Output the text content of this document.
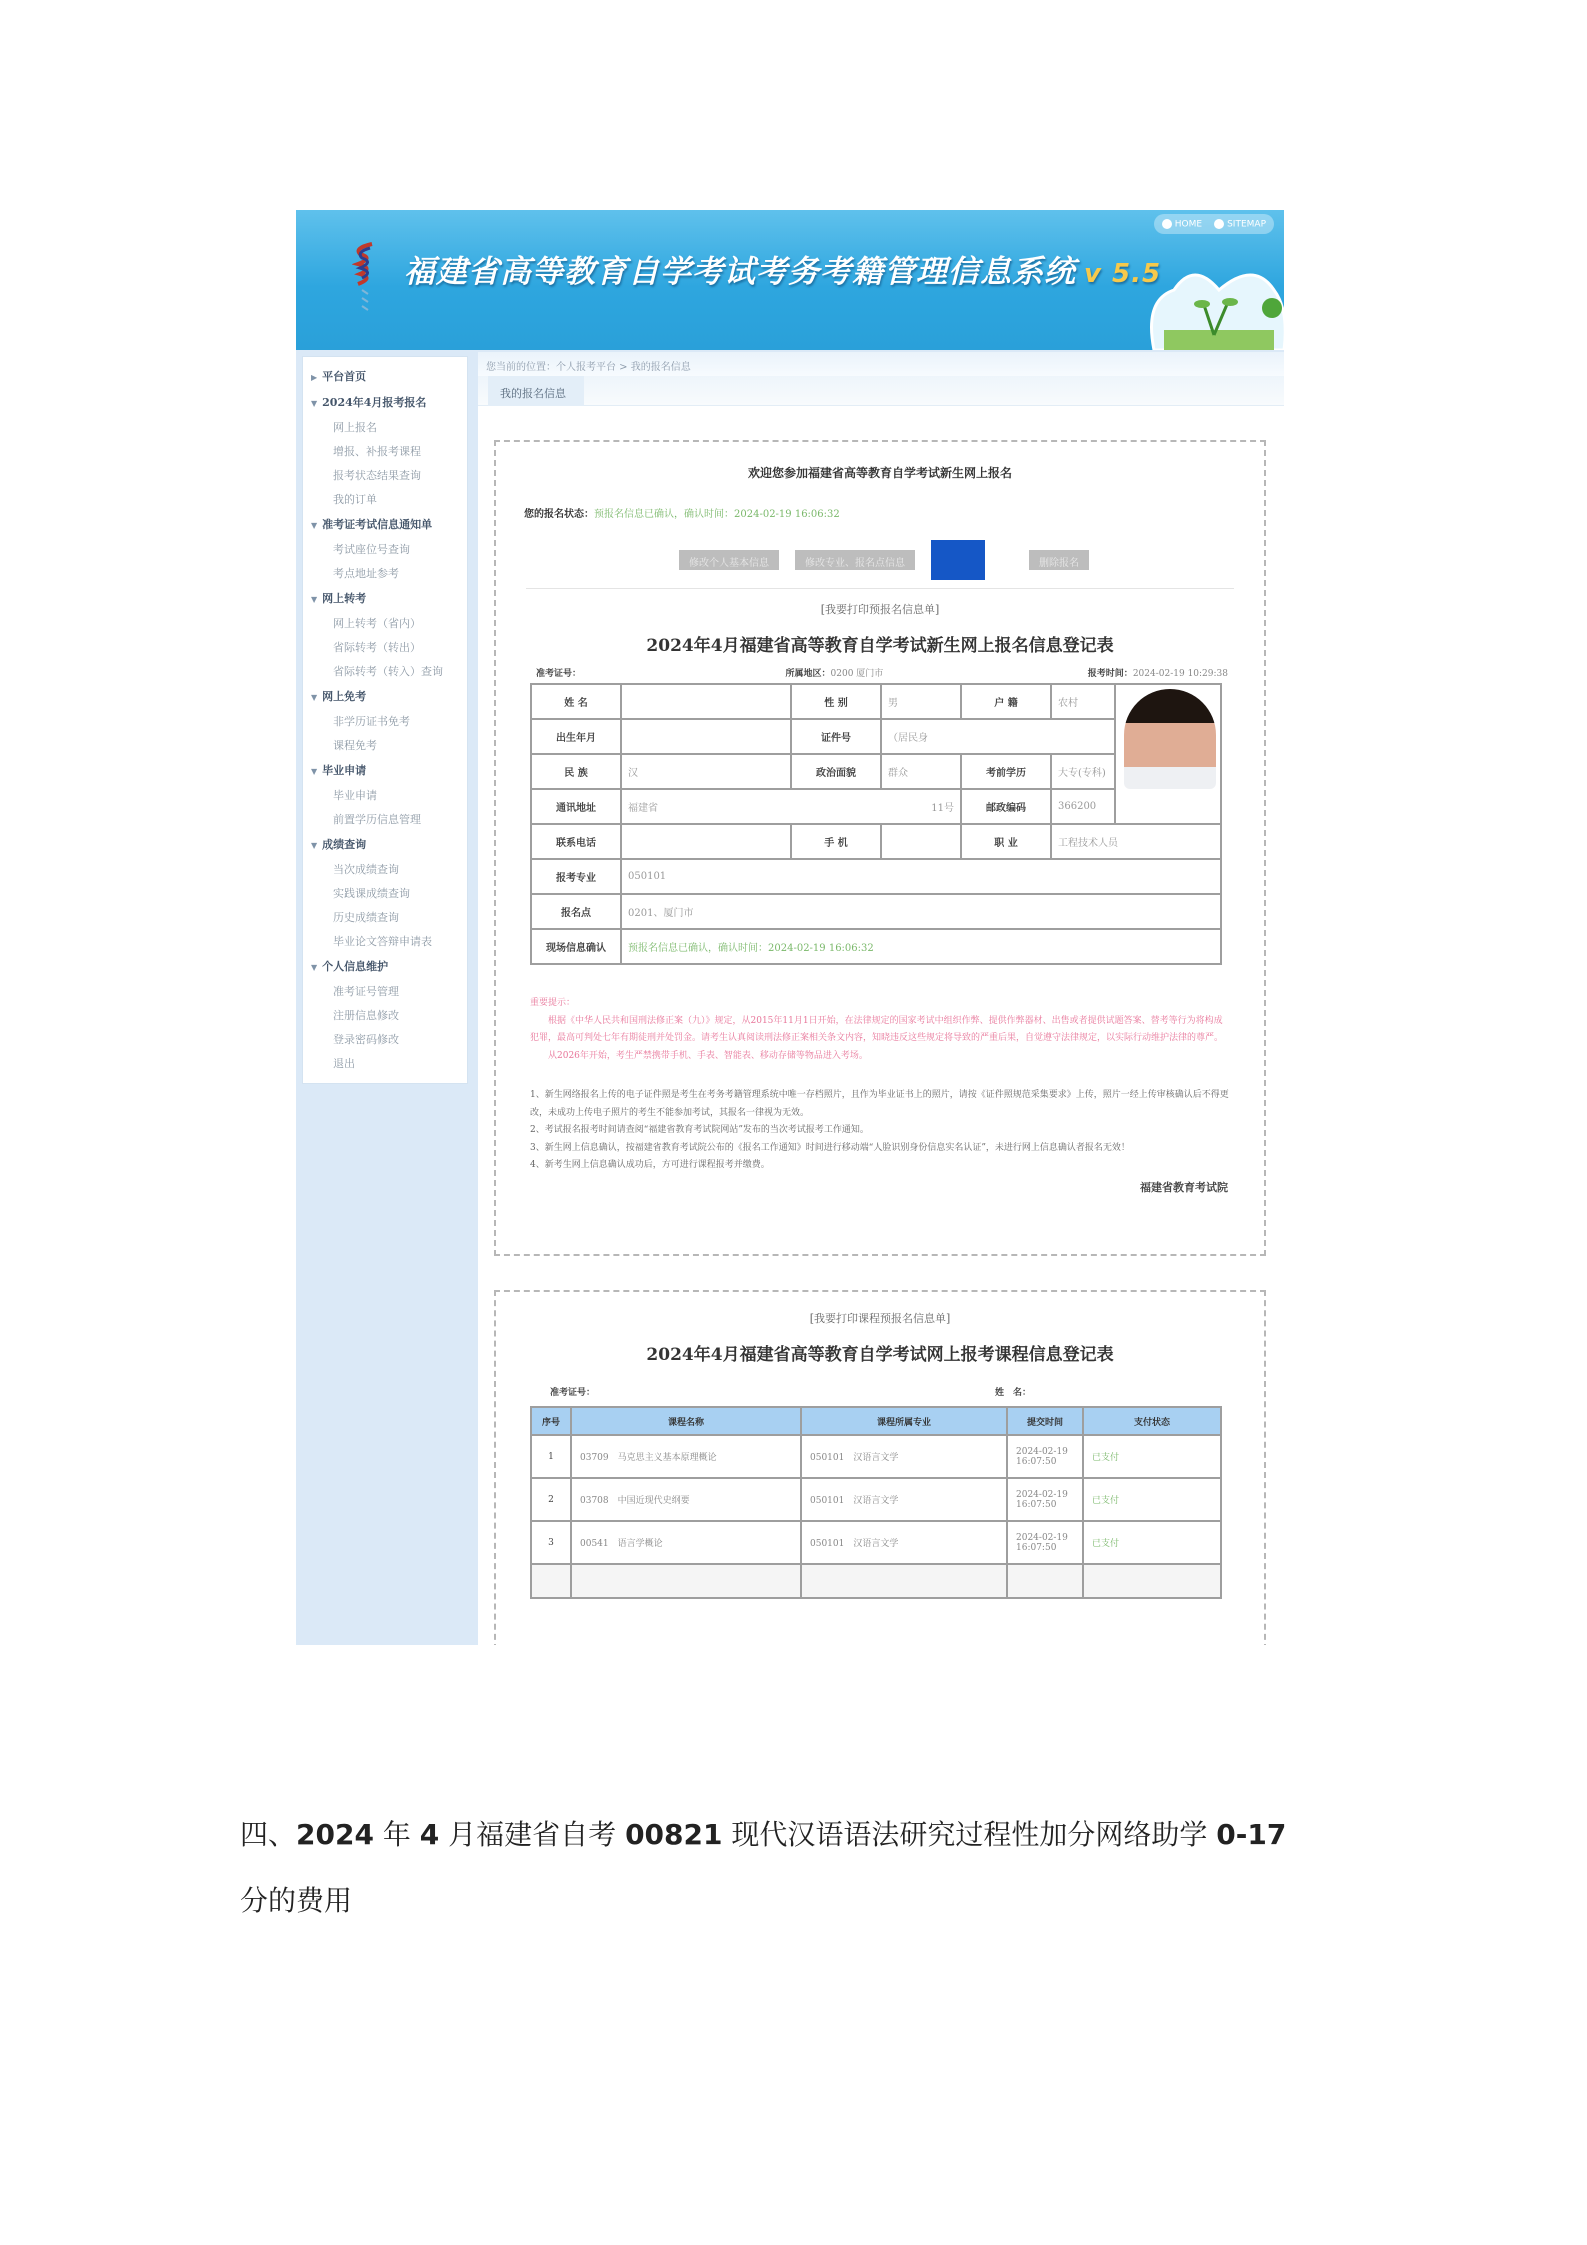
福建省高等教育自学考试考务考籍管理信息系统 v 5.5
HOME	SITEMAP
▶ 平台首页
▼ 2024年4月报考报名
网上报名
增报、补报考课程
报考状态结果查询
我的订单
▼ 准考证考试信息通知单
考试座位号查询
考点地址参考
▼ 网上转考
网上转考（省内）
省际转考（转出）
省际转考（转入）查询
▼ 网上免考
非学历证书免考
课程免考
▼ 毕业申请
毕业申请
前置学历信息管理
▼ 成绩查询
当次成绩查询
实践课成绩查询
历史成绩查询
毕业论文答辩申请表
▼ 个人信息维护
准考证号管理
注册信息修改
登录密码修改
退出
您当前的位置：个人报考平台 > 我的报名信息
我的报名信息
欢迎您参加福建省高等教育自学考试新生网上报名
您的报名状态：预报名信息已确认，确认时间：2024-02-19 16:06:32
修改个人基本信息	修改专业、报名点信息	删除报名
[我要打印预报名信息单]
2024年4月福建省高等教育自学考试新生网上报名信息登记表
准考证号：	所属地区：0200 厦门市	报考时间：2024-02-19 10:29:38
姓 名		性 别	男	户 籍	农村	

出生年月		证件号	（居民身			
民 族	汉	政治面貌	群众	考前学历	大专(专科)	
通讯地址	福建省 11号			邮政编码	366200	
联系电话		手 机		职 业	工程技术人员	
报考专业	050101					
报名点	0201、厦门市					
现场信息确认	预报名信息已确认，确认时间：2024-02-19 16:06:32					

重要提示：

根据《中华人民共和国刑法修正案（九）》规定，从2015年11月1日开始，在法律规定的国家考试中组织作弊、提供作弊器材、出售或者提供试题答案、替考等行为将构成犯罪，最高可判处七年有期徒刑并处罚金。请考生认真阅读刑法修正案相关条文内容，知晓违反这些规定将导致的严重后果，自觉遵守法律规定，以实际行动维护法律的尊严。

从2026年开始，考生严禁携带手机、手表、智能表、移动存储等物品进入考场。

1、新生网络报名上传的电子证件照是考生在考务考籍管理系统中唯一存档照片，且作为毕业证书上的照片，请按《证件照规范采集要求》上传，照片一经上传审核确认后不得更改，未成功上传电子照片的考生不能参加考试，其报名一律视为无效。

2、考试报名报考时间请查阅“福建省教育考试院网站”发布的当次考试报考工作通知。

3、新生网上信息确认，按福建省教育考试院公布的《报名工作通知》时间进行移动端“人脸识别身份信息实名认证”，未进行网上信息确认者报名无效！

4、新考生网上信息确认成功后，方可进行课程报考并缴费。

福建省教育考试院
[我要打印课程预报名信息单]
2024年4月福建省高等教育自学考试网上报考课程信息登记表
准考证号：	姓　名：
序号	课程名称	课程所属专业	提交时间	支付状态
1	03709　马克思主义基本原理概论	050101　汉语言文学	2024-02-19 16:07:50	已支付
2	03708　中国近现代史纲要	050101　汉语言文学	2024-02-19 16:07:50	已支付
3	00541　语言学概论	050101　汉语言文学	2024-02-19 16:07:50	已支付

四、2024 年 4 月福建省自考 00821 现代汉语语法研究过程性加分网络助学 0-17
分的费用
